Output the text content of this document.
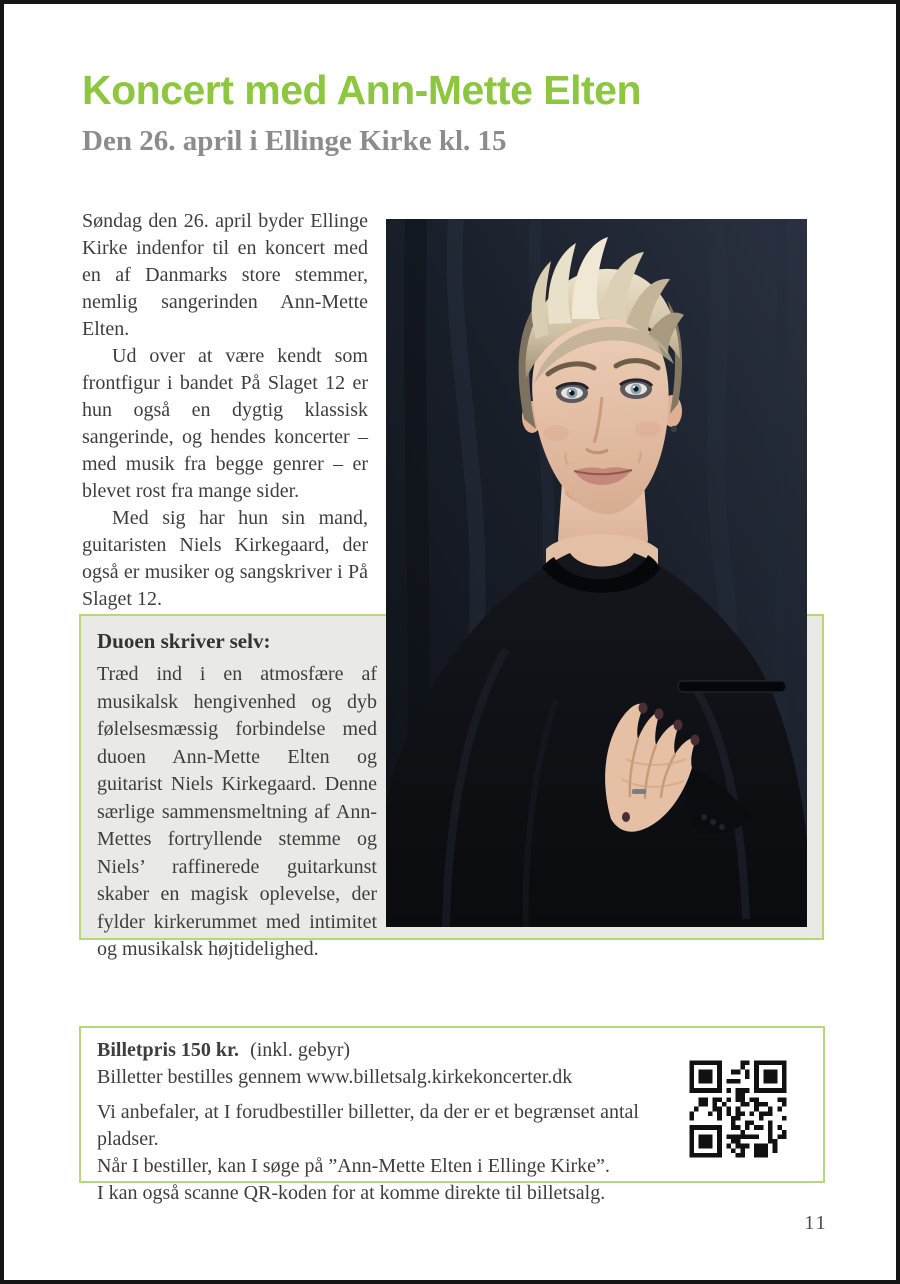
Koncert med Ann-Mette Elten
Den 26. april i Ellinge Kirke kl. 15

Søndag den 26. april byder Ellinge Kirke indenfor til en koncert med en af Danmarks store stemmer, nemlig sangerinden Ann-Mette Elten.

Ud over at være kendt som frontfigur i bandet På Slaget 12 er hun også en dygtig klassisk sangerinde, og hendes koncerter – med musik fra begge genrer – er blevet rost fra mange sider.

Med sig har hun sin mand, guitaristen Niels Kirkegaard, der også er musiker og sangskriver i På Slaget 12.

Duoen skriver selv:

Træd ind i en atmosfære af musikalsk hengivenhed og dyb følelsesmæssig forbindelse med duoen Ann-Mette Elten og guitarist Niels Kirkegaard. Denne særlige sammensmeltning af Ann-Mettes fortryllende stemme og Niels’ raffinerede guitarkunst skaber en magisk oplevelse, der fylder kirkerummet med intimitet og musikalsk højtidelighed.

Billetpris 150 kr. (inkl. gebyr)

Billetter bestilles gennem www.billetsalg.kirkekoncerter.dk

Vi anbefaler, at I forudbestiller billetter, da der er et begrænset antal pladser.

Når I bestiller, kan I søge på ”Ann-Mette Elten i Ellinge Kirke”.

I kan også scanne QR-koden for at komme direkte til billetsalg.

11
